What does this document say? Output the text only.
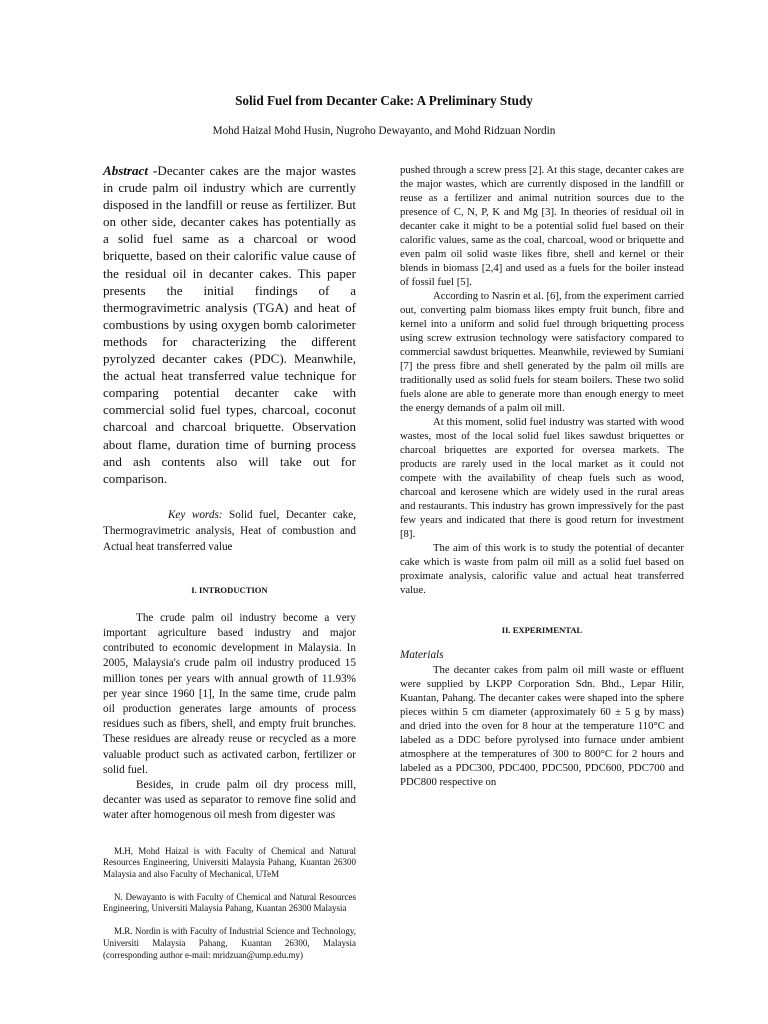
Solid Fuel from Decanter Cake: A Preliminary Study
Mohd Haizal Mohd Husin, Nugroho Dewayanto, and Mohd Ridzuan Nordin

Abstract -Decanter cakes are the major wastes in crude palm oil industry which are currently disposed in the landfill or reuse as fertilizer. But on other side, decanter cakes has potentially as a solid fuel same as a charcoal or wood briquette, based on their calorific value cause of the residual oil in decanter cakes. This paper presents the initial findings of a thermogravimetric analysis (TGA) and heat of combustions by using oxygen bomb calorimeter methods for characterizing the different pyrolyzed decanter cakes (PDC). Meanwhile, the actual heat transferred value technique for comparing potential decanter cake with commercial solid fuel types, charcoal, coconut charcoal and charcoal briquette. Observation about flame, duration time of burning process and ash contents also will take out for comparison.

Key words: Solid fuel, Decanter cake, Thermogravimetric analysis, Heat of combustion and Actual heat transferred value

I. INTRODUCTION

The crude palm oil industry become a very important agriculture based industry and major contributed to economic development in Malaysia. In 2005, Malaysia's crude palm oil industry produced 15 million tones per years with annual growth of 11.93% per year since 1960 [1], In the same time, crude palm oil production generates large amounts of process residues such as fibers, shell, and empty fruit brunches. These residues are already reuse or recycled as a more valuable product such as activated carbon, fertilizer or solid fuel.

Besides, in crude palm oil dry process mill, decanter was used as separator to remove fine solid and water after homogenous oil mesh from digester was

M.H, Mohd Haizal is with Faculty of Chemical and Natural Resources Engineering, Universiti Malaysia Pahang, Kuantan 26300 Malaysia and also Faculty of Mechanical, UTeM

N. Dewayanto is with Faculty of Chemical and Natural Resources Engineering, Universiti Malaysia Pahang, Kuantan 26300 Malaysia

M.R. Nordin is with Faculty of Industrial Science and Technology, Universiti Malaysia Pahang, Kuantan 26300, Malaysia (corresponding author e-mail: mridzuan@ump.edu.my)

pushed through a screw press [2]. At this stage, decanter cakes are the major wastes, which are currently disposed in the landfill or reuse as a fertilizer and animal nutrition sources due to the presence of C, N, P, K and Mg [3]. In theories of residual oil in decanter cake it might to be a potential solid fuel based on their calorific values, same as the coal, charcoal, wood or briquette and even palm oil solid waste likes fibre, shell and kernel or their blends in biomass [2,4] and used as a fuels for the boiler instead of fossil fuel [5].

According to Nasrin et al. [6], from the experiment carried out, converting palm biomass likes empty fruit bunch, fibre and kernel into a uniform and solid fuel through briquetting process using screw extrusion technology were satisfactory compared to commercial sawdust briquettes. Meanwhile, reviewed by Sumiani [7] the press fibre and shell generated by the palm oil mills are traditionally used as solid fuels for steam boilers. These two solid fuels alone are able to generate more than enough energy to meet the energy demands of a palm oil mill.

At this moment, solid fuel industry was started with wood wastes, most of the local solid fuel likes sawdust briquettes or charcoal briquettes are exported for oversea markets. The products are rarely used in the local market as it could not compete with the availability of cheap fuels such as wood, charcoal and kerosene which are widely used in the rural areas and restaurants. This industry has grown impressively for the past few years and indicated that there is good return for investment [8].

The aim of this work is to study the potential of decanter cake which is waste from palm oil mill as a solid fuel based on proximate analysis, calorific value and actual heat transferred value.

II. EXPERIMENTAL

Materials

The decanter cakes from palm oil mill waste or effluent were supplied by LKPP Corporation Sdn. Bhd., Lepar Hilir, Kuantan, Pahang. The decanter cakes were shaped into the sphere pieces within 5 cm diameter (approximately 60 ± 5 g by mass) and dried into the oven for 8 hour at the temperature 110°C and labeled as a DDC before pyrolysed into furnace under ambient atmosphere at the temperatures of 300 to 800°C for 2 hours and labeled as a PDC300, PDC400, PDC500, PDC600, PDC700 and PDC800 respective on
